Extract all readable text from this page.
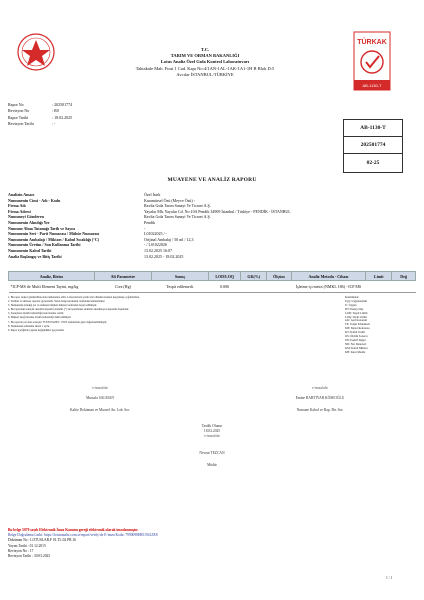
T.C.
TARIM VE ORMAN BAKANLIĞI
Lotus Analiz Özel Gıda Kontrol Laboratuvarı
Tahtakale Mah. Fırat 1 Cad. Kapı No:4/1AN-1AL-1AK-1A1-1H B Blok D:5
Avcılar İSTANBUL/TÜRKİYE
TÜRKAK
AB-1130-T
Rapor No	: 202501774
Revizyon No	: R0
Rapor Tarihi	: 18.02.2025
Revizyon Tarihi	: -
AB-1130-T
202501774
02-25
MUAYENE VE ANALİZ RAPORU
Analizin Amacı	Özel İstek
Numunenin Cinsi - Adı - Kodu	Karamürsel Özü (Meyve Özü) -
Firma Adı	Ravlia Gıda Tarım Sanayi Ve Ticaret A.Ş.
Firma Adresi	Yayalar Mh. Yayalar Cd. No:10A Pendik 34909 İstanbul / Türkiye - PENDİK - İSTANBUL
Numuneyi Gönderen	Ravlia Gıda Tarım Sanayi Ve Ticaret A.Ş.
Numunenin Alındığı Yer	Pendik
Numune Alma Tutanağı Tarih ve Sayısı	-
Numunenin Seri - Parti Numarası / Mühür Numarası	L01022025 / -
Numunenin Ambalajı / Miktarı / Kabul Sıcaklığı (°C)	Orijinal Ambalaj / 50 ml / 12,3
Numunenin Üretim / Son Kullanma Tarihi	- / L01022026
Numunenin Kabul Tarihi	13.02.2025 16:07
Analiz Başlangıç ve Bitiş Tarihi	13.02.2025 - 18.02.2025
Analiz, Birim	Alt Parametre	Sonuç	LOD/LOQ	GK(%)	Ölçüm	Analiz Metodu - Cihazı	Limit	Değ
*ICP-MS ile Multi Element Tayini, mg/kg	Civa (Hg)	Tespit edilemedi.	0.006			İşletme içi metot (NMKL 186) - ICP MS		
1. Bu rapor sadece gönderilmiş olan numunelere aittir. Laboratuvarın yazılı izni olmadan kısmen kopyalanıp çoğaltılamaz.
2. Tarihsiz ve imzasız raporlar geçersizdir. Yazılı belge kuruluşlar tarafından kullanılamaz.
3. Numunenin alındığı yer ve numune bilgileri müşteri tarafından beyan edilmiştir.
4. Bu rapordaki sonuçlar akredite kapsam içindedir. (*) ile işaretlenen analizler akreditasyon kapsamı dışındadır.
5. Sonuçların ölçüm belirsizliği istek üzerine verilir.
6. Müşteri isteği üzerine ölçüm belirsizliği dahil edilmiştir.
7. Bu raporda yer alan sonuçlar TS EN ISO/IEC 17025 standardına göre değerlendirilmiştir.
8. Numunenin saklanma süresi 1 aydır.
9. Rapor içeriğinde yapılan değişiklikler geçersizdir.
Kısaltmalar:
Uyg: Uygunsuzluk
U: Uygun
DT: Deney Dışı
LOD: Tespit Limiti
LOQ: Tayin Limiti
GK: Geri Kazanım
TE: Tespit Edilemedi
ME: Metot Referansı
KT: Kabul Tarihi
OS: Ölçüm Sonucu
PD: Pozitif Değer
ND: Not Detected
KM: Kabul Miktarı
KH: Kuru Madde
e-imzalıdır
Mustafa SALMAN
Kalite Doküman ve Muavel An. Lab. Sor.
e-imzalıdır
Emine BAHTİYAR KÖSEOĞLU
Numune Kabul ve Rap. Bir. Sor.
Tasdik Olunur
18.02.2025
e-imzalıdır
Nevzat TEZCAN
Müdür
Bu belge 5070 sayılı Elektronik İmza Kanunu gereği elektronik olarak imzalanmıştır.
Belge Doğrulama Linki: https://lotusanaliz.com.tr/report/verify/de E-imza Kodu: 7990098H851941ZE8
Doküman No : LOTUSLAB.F 01.TL.02.PR.16
Yayım Tarihi : 01.12.2015
Revizyon No : 17
Revizyon Tarihi : 30.03.2023
1 / 1
